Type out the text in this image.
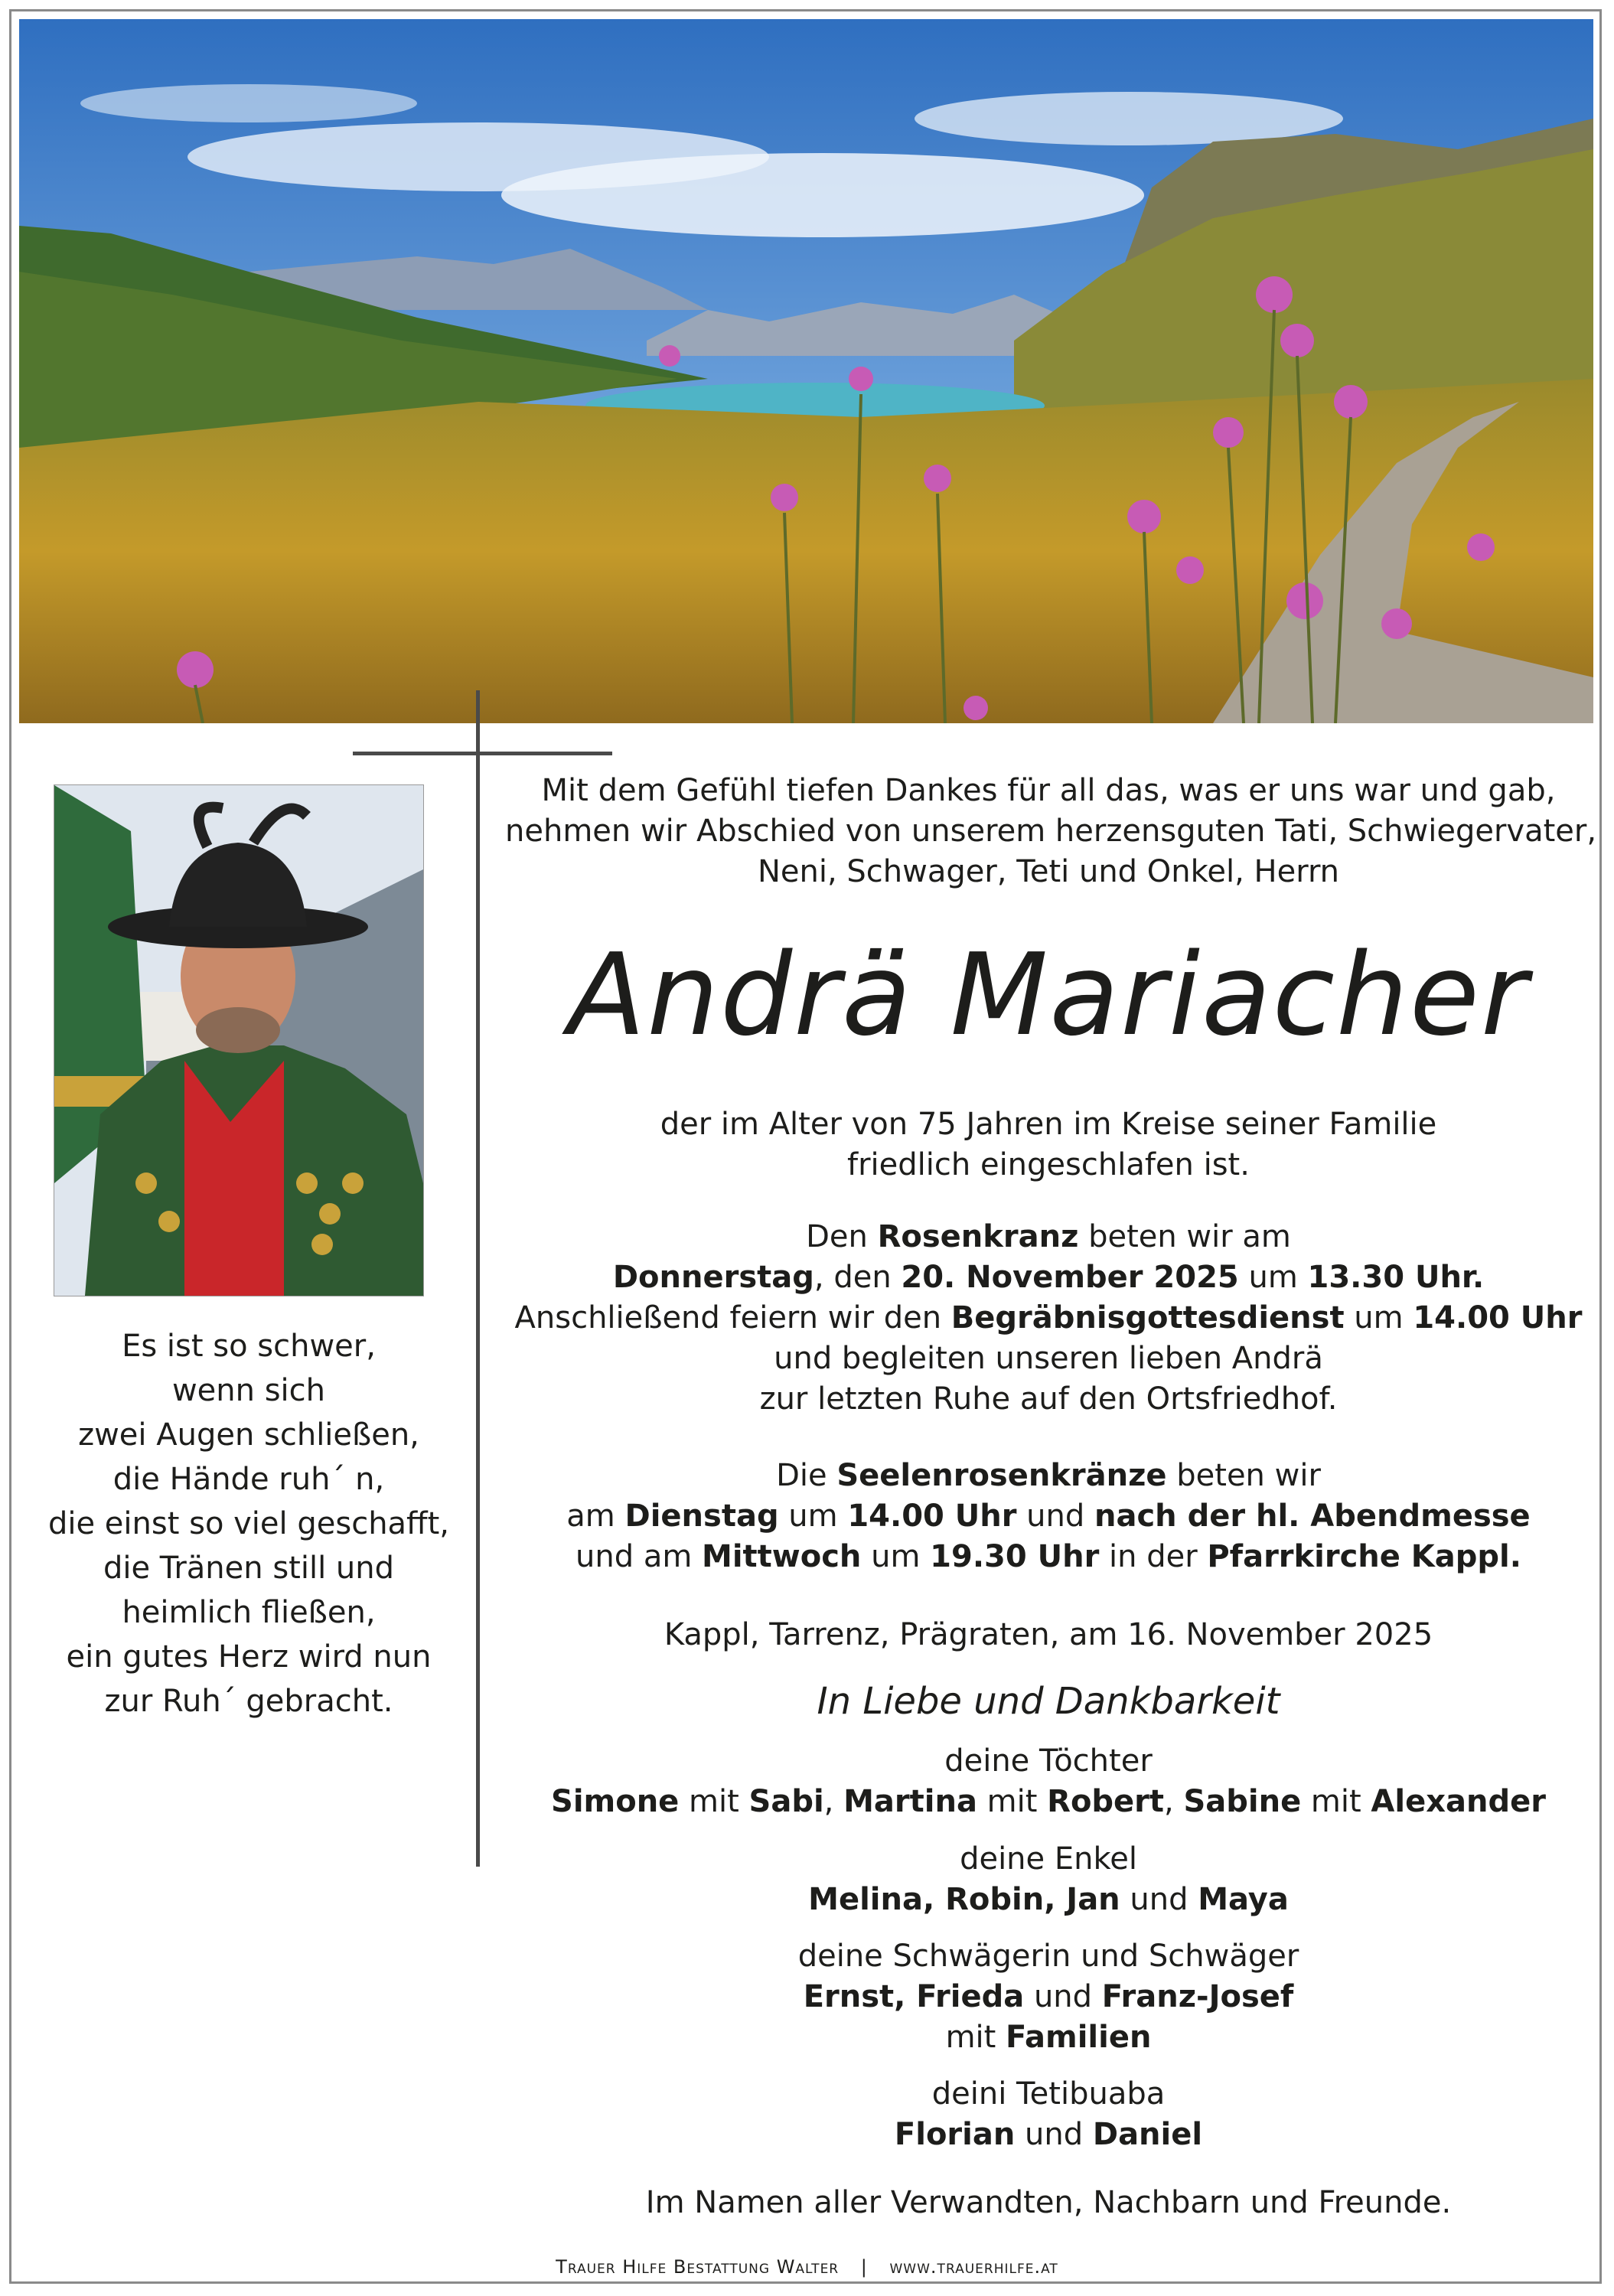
Es ist so schwer,
wenn sich
zwei Augen schließen,
die Hände ruh´ n,
die einst so viel geschafft,
die Tränen still und
heimlich fließen,
ein gutes Herz wird nun
zur Ruh´ gebracht.
Mit dem Gefühl tiefen Dankes für all das, was er uns war und gab,
nehmen wir Abschied von unserem herzensguten Tati, Schwiegervater,
Neni, Schwager, Teti und Onkel, Herrn
Andrä Mariacher
der im Alter von 75 Jahren im Kreise seiner Familie
friedlich eingeschlafen ist.
Den Rosenkranz beten wir am
Donnerstag, den 20. November 2025 um 13.30 Uhr.
Anschließend feiern wir den Begräbnisgottesdienst um 14.00 Uhr
und begleiten unseren lieben Andrä
zur letzten Ruhe auf den Ortsfriedhof.
Die Seelenrosenkränze beten wir
am Dienstag um 14.00 Uhr und nach der hl. Abendmesse
und am Mittwoch um 19.30 Uhr in der Pfarrkirche Kappl.
Kappl, Tarrenz, Prägraten, am 16. November 2025
In Liebe und Dankbarkeit
deine Töchter
Simone mit Sabi, Martina mit Robert, Sabine mit Alexander
deine Enkel
Melina, Robin, Jan und Maya
deine Schwägerin und Schwäger
Ernst, Frieda und Franz-Josef
mit Familien
deini Tetibuaba
Florian und Daniel
Im Namen aller Verwandten, Nachbarn und Freunde.
Trauer Hilfe Bestattung Walter | www.trauerhilfe.at
